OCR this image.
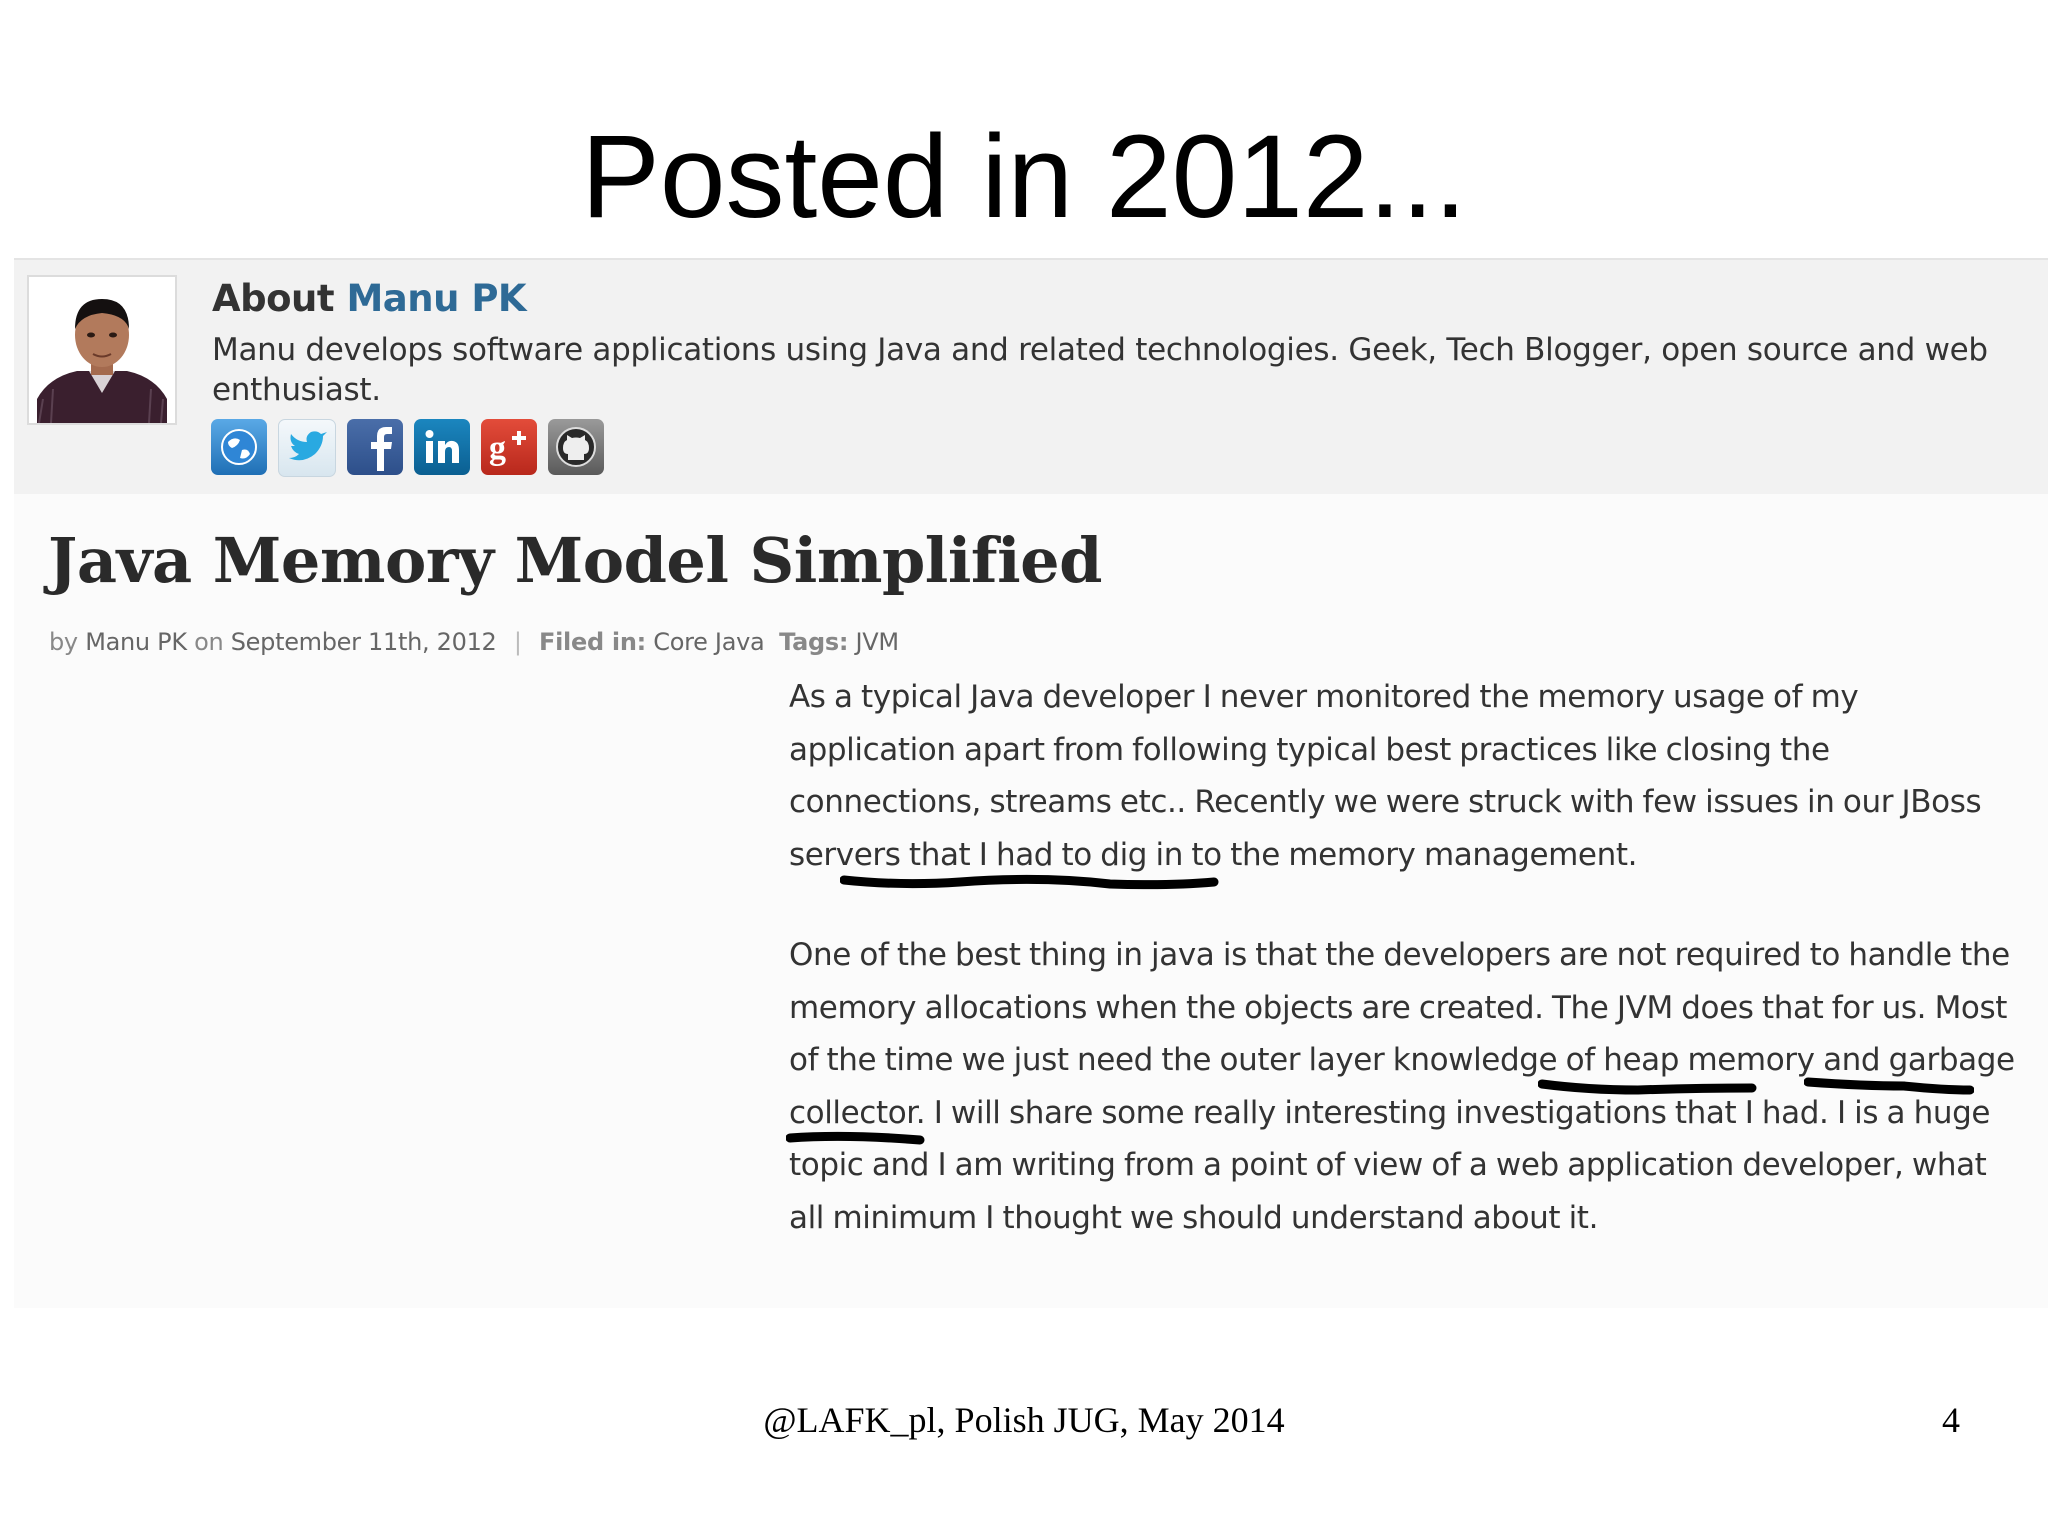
Posted in 2012...
About Manu PK
Manu develops software applications using Java and related technologies. Geek, Tech Blogger, open source and web enthusiast.
g
Java Memory Model Simplified
by Manu PK on September 11th, 2012 | Filed in: Core Java Tags: JVM
As a typical Java developer I never monitored the memory usage of my application apart from following typical best practices like closing the connections, streams etc.. Recently we were struck with few issues in our JBoss servers that I had to dig in to the memory management.
One of the best thing in java is that the developers are not required to handle the memory allocations when the objects are created. The JVM does that for us. Most of the time we just need the outer layer knowledge of heap memory and garbage collector. I will share some really interesting investigations that I had. I is a huge topic and I am writing from a point of view of a web application developer, what all minimum I thought we should understand about it.
@LAFK_pl, Polish JUG, May 2014	4
